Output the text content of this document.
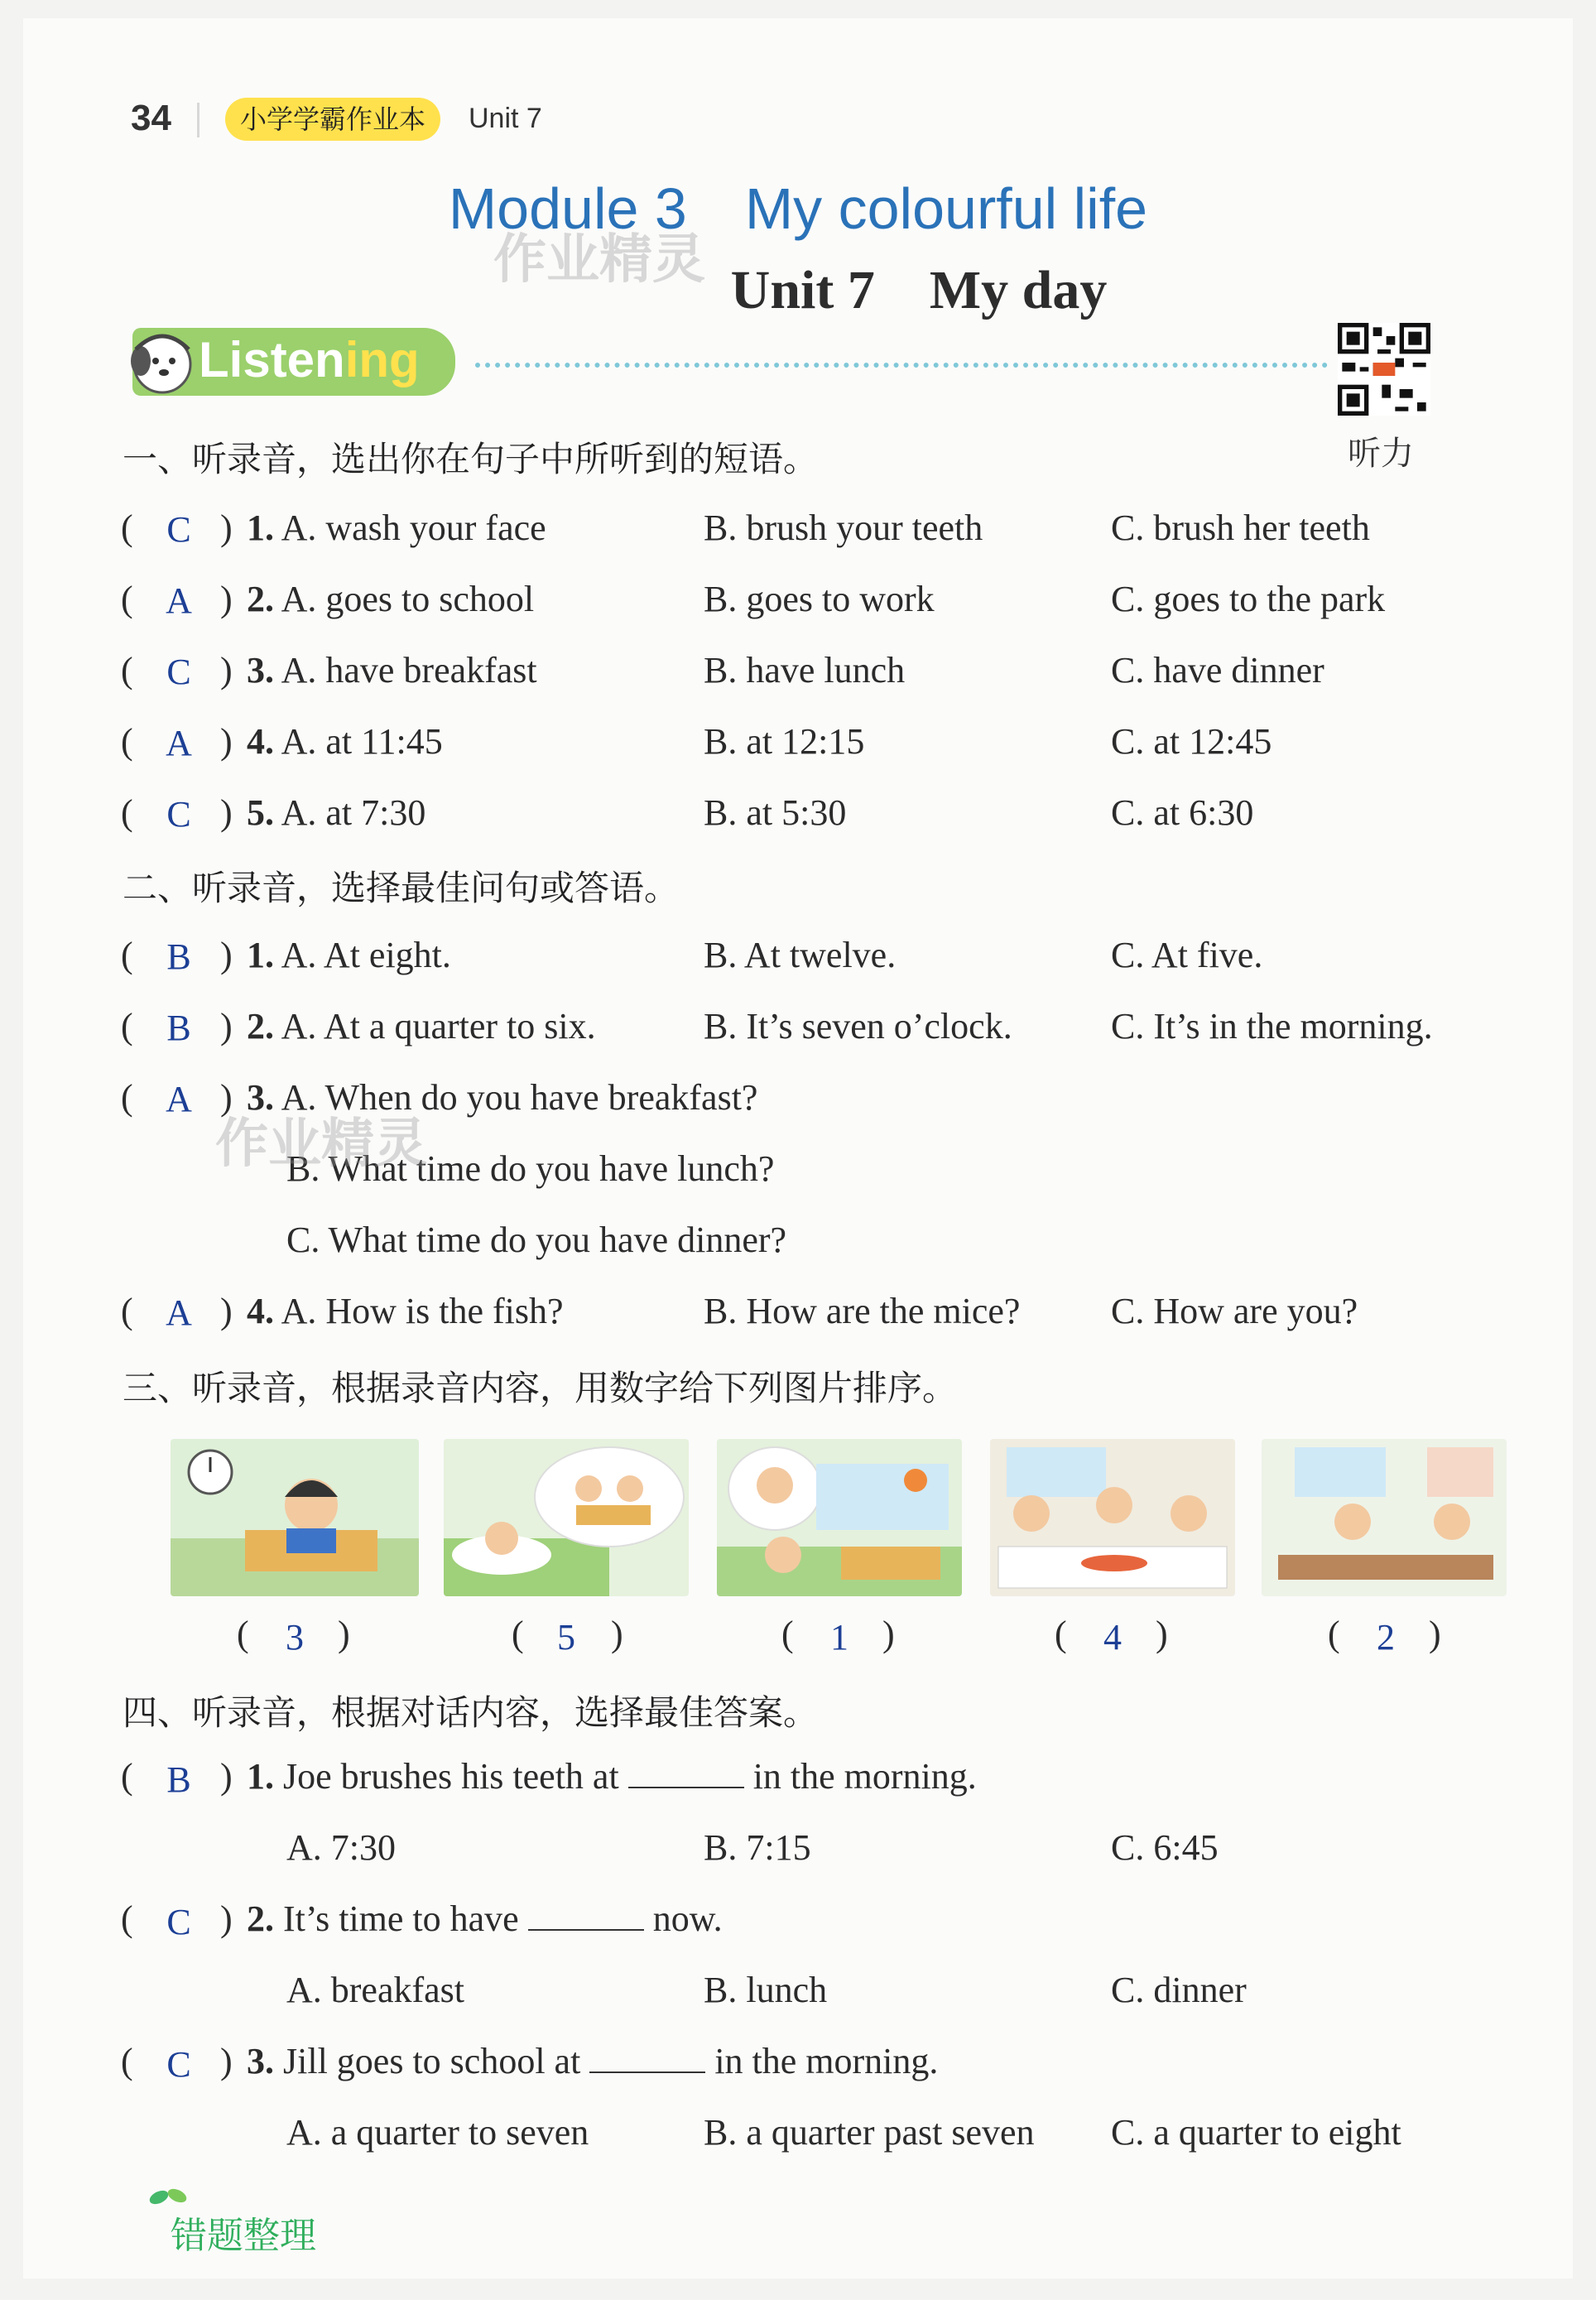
34	小学学霸作业本	Unit 7
Module 3　My colourful life
Unit 7　My day
作业精灵
Listening
听力
一、听录音，选出你在句子中所听到的短语。
( C ) 1. A. wash your face	B. brush your teeth	C. brush her teeth
( A ) 2. A. goes to school	B. goes to work	C. goes to the park
( C ) 3. A. have breakfast	B. have lunch	C. have dinner
( A ) 4. A. at 11:45	B. at 12:15	C. at 12:45
( C ) 5. A. at 7:30	B. at 5:30	C. at 6:30
二、听录音，选择最佳问句或答语。
( B ) 1. A. At eight.	B. At twelve.	C. At five.
( B ) 2. A. At a quarter to six.	B. It’s seven o’clock.	C. It’s in the morning.
( A ) 3. A. When do you have breakfast?
B. What time do you have lunch?
C. What time do you have dinner?
作业精灵
( A ) 4. A. How is the fish?	B. How are the mice? C. How are you?
三、听录音，根据录音内容，用数字给下列图片排序。
(	3 )	( 5 )	(	1 )	(	4 )	(	2 )
四、听录音，根据对话内容，选择最佳答案。
( B ) 1. Joe brushes his teeth at	in the morning.
A. 7:30	B. 7:15	C. 6:45
( C ) 2. It’s time to have	now.
A. breakfast	B. lunch	C. dinner
( C ) 3. Jill goes to school at	in the morning.
A. a quarter to seven	B. a quarter past seven C. a quarter to eight
错题整理
